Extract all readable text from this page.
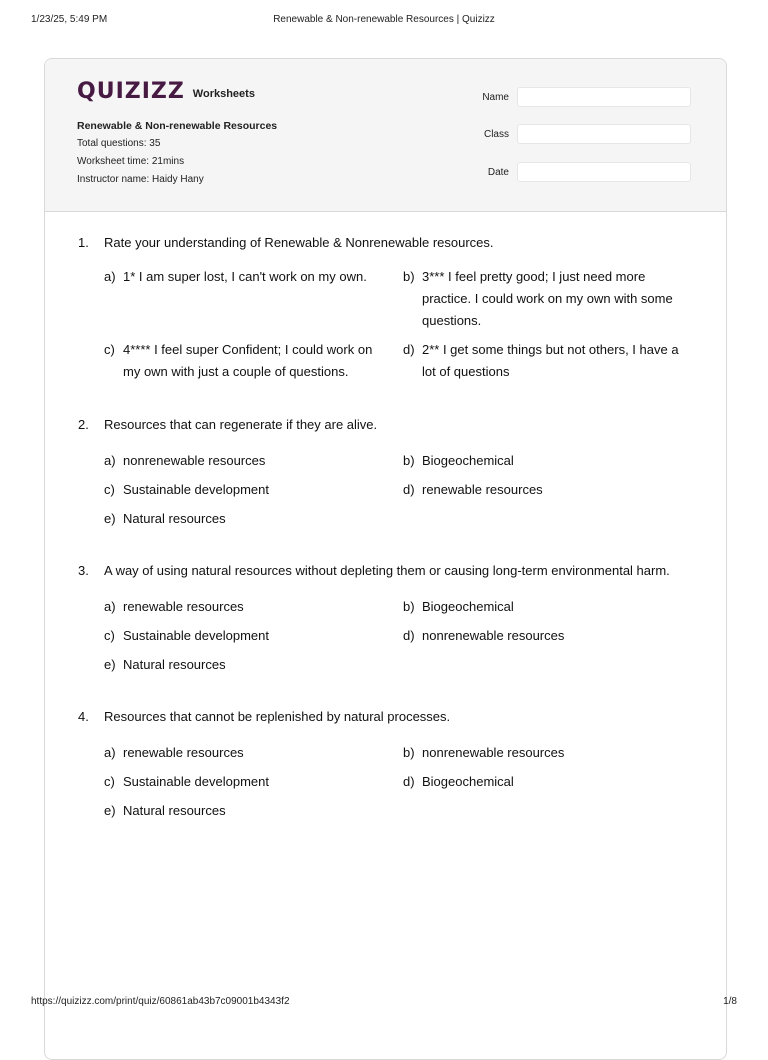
1/23/25, 5:49 PM	Renewable & Non-renewable Resources | Quizizz
QUIZIZZ Worksheets
Renewable & Non-renewable Resources
Total questions: 35
Worksheet time: 21mins
Instructor name: Haidy Hany
Name
Class
Date
1. Rate your understanding of Renewable & Nonrenewable resources.
a) 1* I am super lost, I can't work on my own.	b) 3*** I feel pretty good; I just need more practice. I could work on my own with some questions.
c) 4**** I feel super Confident; I could work on my own with just a couple of questions.
d) 2** I get some things but not others, I have a lot of questions
2. Resources that can regenerate if they are alive.
a) nonrenewable resources	b) Biogeochemical
c) Sustainable development	d) renewable resources
e) Natural resources
3. A way of using natural resources without depleting them or causing long-term environmental harm.
a) renewable resources	b) Biogeochemical
c) Sustainable development	d) nonrenewable resources
e) Natural resources
4. Resources that cannot be replenished by natural processes.
a) renewable resources	b) nonrenewable resources
c) Sustainable development	d) Biogeochemical
e) Natural resources
https://quizizz.com/print/quiz/60861ab43b7c09001b4343f2	1/8
